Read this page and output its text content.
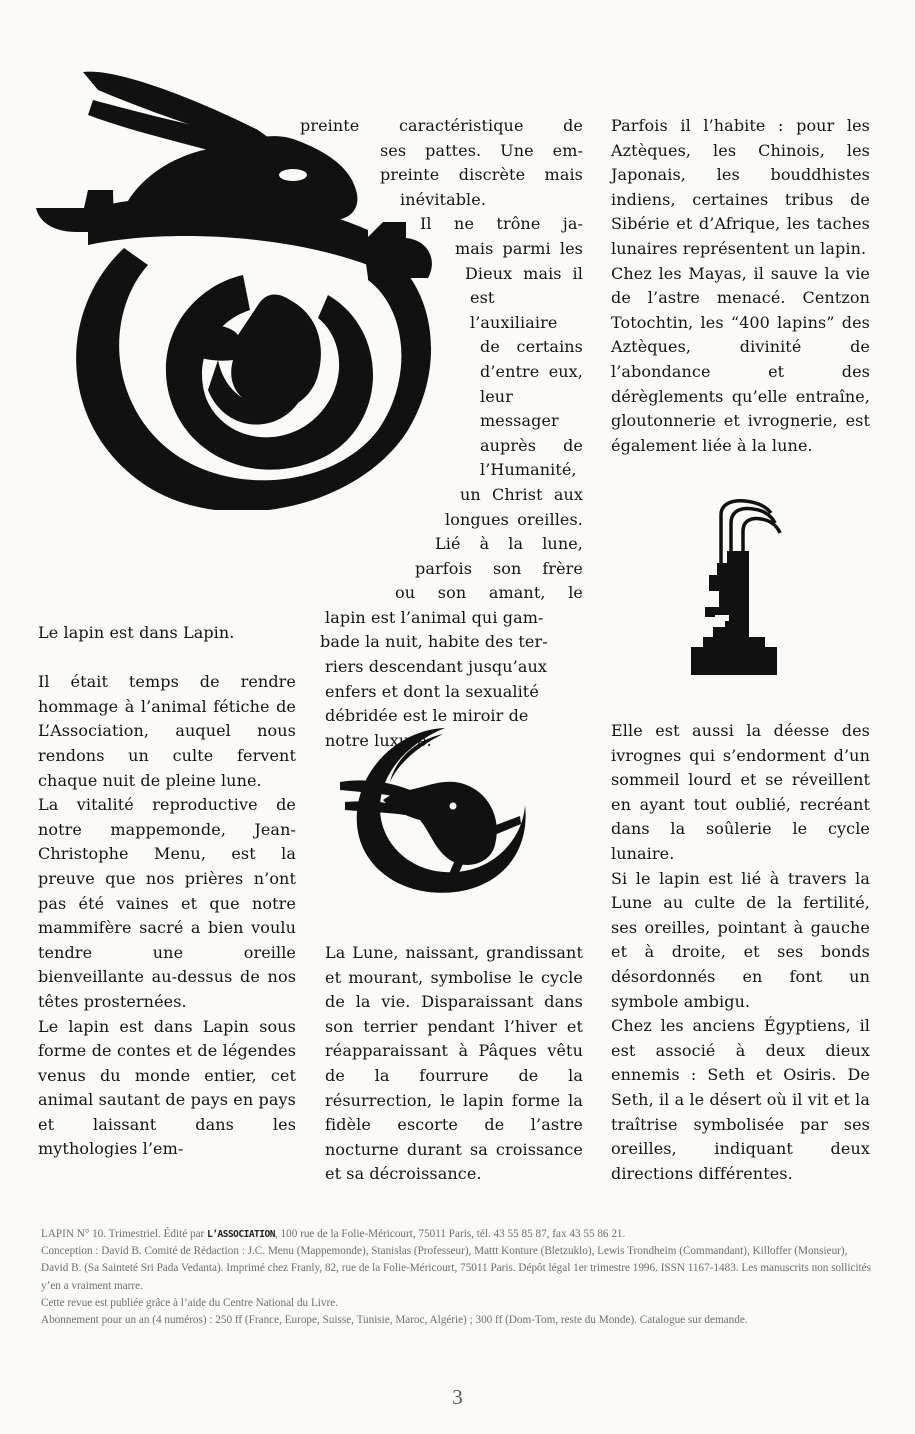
Le lapin est dans Lapin.

Il était temps de rendre hommage à l’animal fétiche de L’Association, auquel nous rendons un culte fervent chaque nuit de pleine lune.

La vitalité reproductive de notre mappemonde, Jean-Christophe Menu, est la preuve que nos prières n’ont pas été vaines et que notre mammifère sacré a bien voulu tendre une oreille bienveillante au-dessus de nos têtes prosternées.

Le lapin est dans Lapin sous forme de contes et de légendes venus du monde entier, cet animal sautant de pays en pays et laissant dans les mythologies l’em-

preinte caractéristique de
ses pattes. Une em-
preinte discrète mais
inévitable.
Il ne trône ja-
mais parmi les
Dieux mais il
est l’auxiliaire
de certains
d’entre eux,
leur messager
auprès de
l’Humanité,
un Christ aux
longues oreilles.
Lié à la lune,
parfois son frère
ou son amant, le
lapin est l’animal qui gam-
bade la nuit, habite des ter-
riers descendant jusqu’aux
enfers et dont la sexualité
débridée est le miroir de
notre luxure.

La Lune, naissant, grandissant et mourant, symbolise le cycle de la vie. Disparaissant dans son terrier pendant l’hiver et réapparaissant à Pâques vêtu de la fourrure de la résurrection, le lapin forme la fidèle escorte de l’astre nocturne durant sa croissance et sa décroissance.

Parfois il l’habite : pour les Aztèques, les Chinois, les Japonais, les bouddhistes indiens, certaines tribus de Sibérie et d’Afrique, les taches lunaires représentent un lapin.

Chez les Mayas, il sauve la vie de l’astre menacé. Centzon Totochtin, les “400 lapins” des Aztèques, divinité de l’abondance et des dérèglements qu’elle entraîne, gloutonnerie et ivrognerie, est également liée à la lune.

Elle est aussi la déesse des ivrognes qui s’endorment d’un sommeil lourd et se réveillent en ayant tout oublié, recréant dans la soûlerie le cycle lunaire.

Si le lapin est lié à travers la Lune au culte de la fertilité, ses oreilles, pointant à gauche et à droite, et ses bonds désordonnés en font un symbole ambigu.

Chez les anciens Égyptiens, il est associé à deux dieux ennemis : Seth et Osiris. De Seth, il a le désert où il vit et la traîtrise symbolisée par ses oreilles, indiquant deux directions différentes.

LAPIN N° 10. Trimestriel. Édité par L’ASSOCIATION, 100 rue de la Folie-Méricourt, 75011 Paris, tél. 43 55 85 87, fax 43 55 86 21.

Conception : David B. Comité de Rédaction : J.C. Menu (Mappemonde), Stanislas (Professeur), Mattt Konture (Bletzuklo), Lewis Trondheim (Commandant), Killoffer (Monsieur), David B. (Sa Sainteté Sri Pada Vedanta). Imprimé chez Franly, 82, rue de la Folie-Méricourt, 75011 Paris. Dépôt légal 1er trimestre 1996. ISSN 1167-1483. Les manuscrits non sollicités y’en a vraiment marre.

Cette revue est publiée grâce à l’aide du Centre National du Livre.

Abonnement pour un an (4 numéros) : 250 ff (France, Europe, Suisse, Tunisie, Maroc, Algérie) ; 300 ff (Dom-Tom, reste du Monde). Catalogue sur demande.

3
